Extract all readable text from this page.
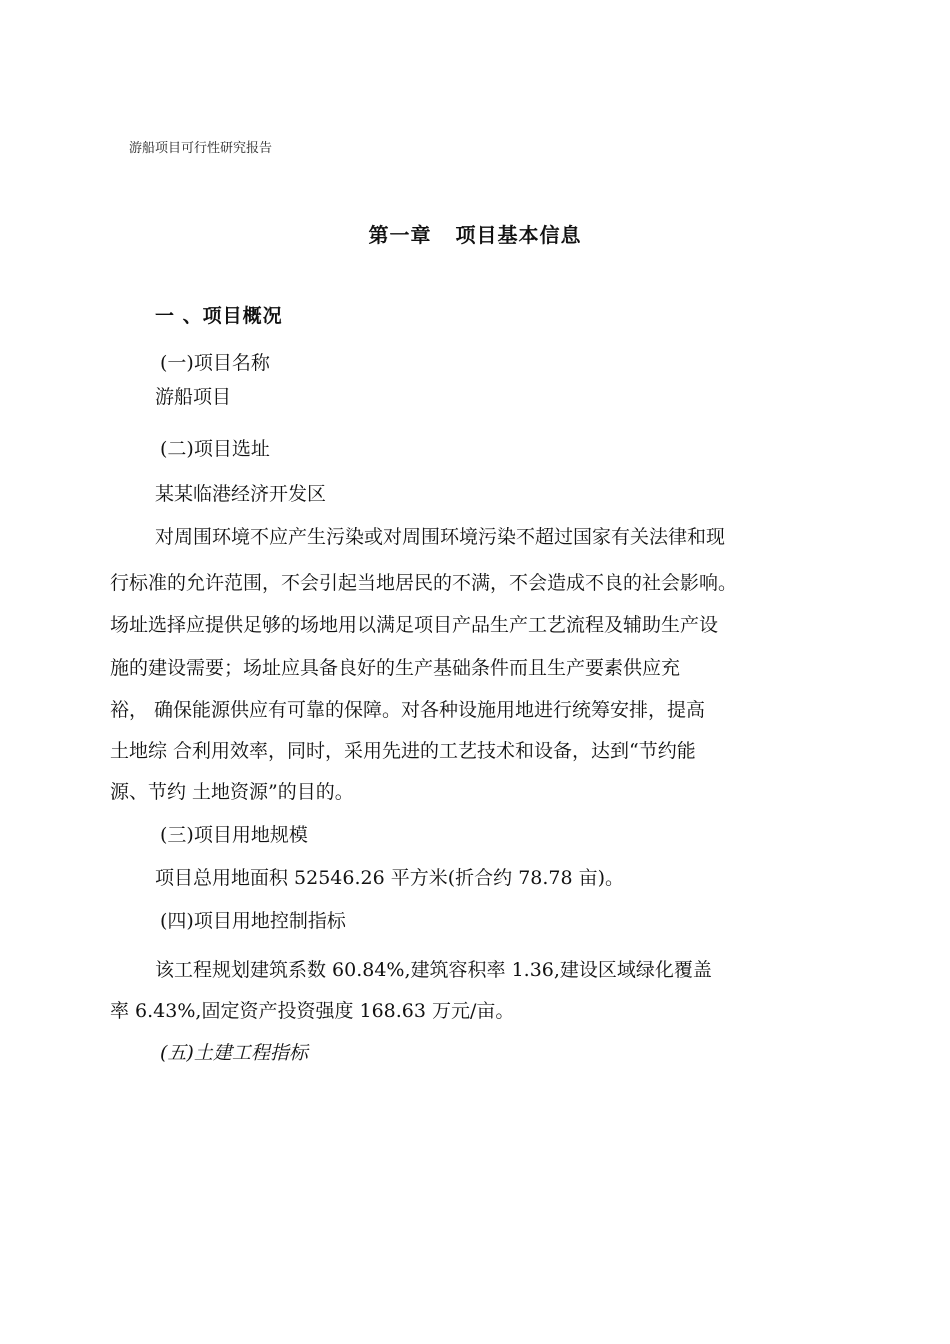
游船项目可行性研究报告
第一章 项目基本信息
一 、项目概况
(一)项目名称
游船项目
(二)项目选址
某某临港经济开发区
对周围环境不应产生污染或对周围环境污染不超过国家有关法律和现
行标准的允许范围，不会引起当地居民的不满，不会造成不良的社会影响。
场址选择应提供足够的场地用以满足项目产品生产工艺流程及辅助生产设
施的建设需要；场址应具备良好的生产基础条件而且生产要素供应充
裕， 确保能源供应有可靠的保障。对各种设施用地进行统筹安排，提高
土地综 合利用效率，同时，采用先进的工艺技术和设备，达到“节约能
源、节约 土地资源”的目的。
(三)项目用地规模
项目总用地面积 52546.26 平方米(折合约 78.78 亩)。
(四)项目用地控制指标
该工程规划建筑系数 60.84%,建筑容积率 1.36,建设区域绿化覆盖
率 6.43%,固定资产投资强度 168.63 万元/亩。
(五)土建工程指标
